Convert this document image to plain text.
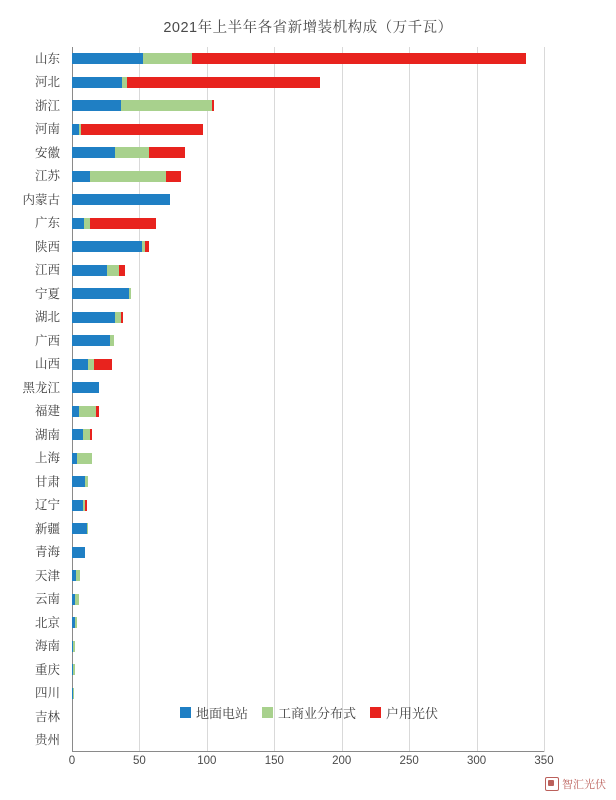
2021年上半年各省新增装机构成（万千瓦）
山东
河北
浙江
河南
安徽
江苏
内蒙古
广东
陕西
江西
宁夏
湖北
广西
山西
黑龙江
福建
湖南
上海
甘肃
辽宁
新疆
青海
天津
云南
北京
海南
重庆
四川
吉林
贵州
0	50	100	150	200	250	300	350
地面电站 工商业分布式 户用光伏
智汇光伏
